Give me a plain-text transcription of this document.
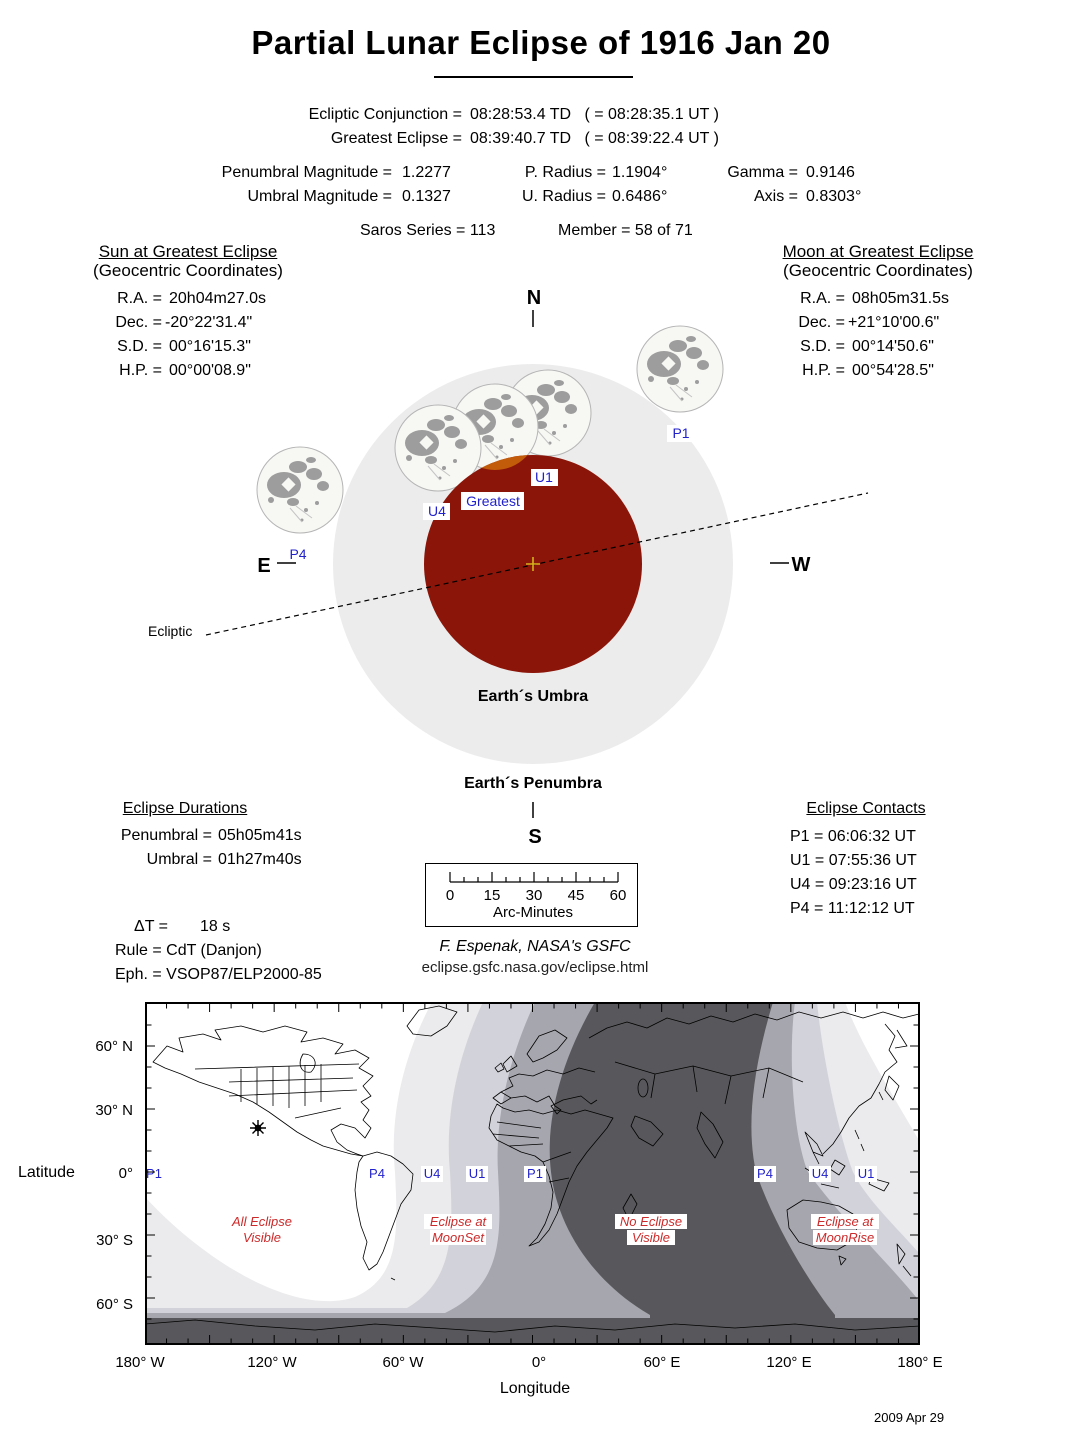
Partial Lunar Eclipse of 1916 Jan 20
Ecliptic Conjunction = 08:28:53.4 TD   ( = 08:28:35.1 UT )
Greatest Eclipse = 08:39:40.7 TD   ( = 08:39:22.4 UT )
Penumbral Magnitude = 1.2277
Umbral Magnitude = 0.1327
P. Radius = 1.1904°
U. Radius = 0.6486°
Gamma = 0.9146
Axis = 0.8303°
Saros Series = 113	Member = 58 of 71
Sun at Greatest Eclipse
(Geocentric Coordinates)
R.A. = 20h04m27.0s
Dec. = -20°22'31.4"
S.D. = 00°16'15.3"
H.P. = 00°00'08.9"
Moon at Greatest Eclipse
(Geocentric Coordinates)
R.A. = 08h05m31.5s
Dec. = +21°10'00.6"
S.D. = 00°14'50.6"
H.P. = 00°54'28.5"
Ecliptic
N
S
E	W
P1
U1
Greatest
U4
P4
Earth´s Umbra
Earth´s Penumbra
Eclipse Durations
Penumbral = 05h05m41s
Umbral = 01h27m40s
Eclipse Contacts
P1 = 06:06:32 UT
U1 = 07:55:36 UT
U4 = 09:23:16 UT
P4 = 11:12:12 UT
ΔT = 18 s
Rule = CdT (Danjon)
Eph. = VSOP87/ELP2000-85
0 15 30 45 60
Arc-Minutes
F. Espenak, NASA's GSFC
eclipse.gsfc.nasa.gov/eclipse.html
P1	P4	U4 U1	P1	P4	U4 U1
All Eclipse
Visible
Eclipse at
MoonSet
No Eclipse
Visible
Eclipse at
MoonRise
Latitude
60° N
30° N
0°
30° S
60° S
180° W	120° W	60° W	0°	60° E	120° E	180° E
Longitude
2009 Apr 29
